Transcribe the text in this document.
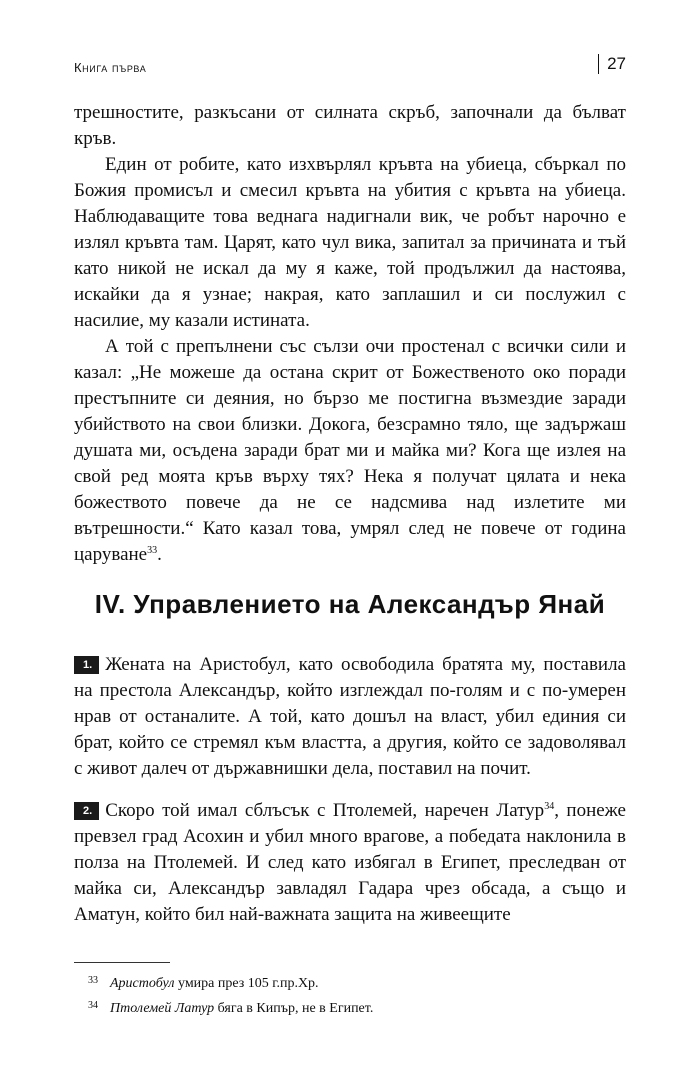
Книга първа	27

трешностите, разкъсани от силната скръб, започнали да бълват кръв.

Един от робите, като изхвърлял кръвта на убиеца, сбъркал по Божия промисъл и смесил кръвта на убития с кръвта на убиеца. Наблюдаващите това веднага надигнали вик, че робът нарочно е излял кръвта там. Царят, като чул вика, запитал за причината и тъй като никой не искал да му я каже, той продължил да настоява, искайки да я узнае; накрая, като заплашил и си послужил с насилие, му казали истината.

А той с препълнени със сълзи очи простенал с всички сили и казал: „Не можеше да остана скрит от Божественото око поради престъпните си деяния, но бързо ме постигна възмездие заради убийството на свои близки. Докога, безсрамно тяло, ще задържаш душата ми, осъдена заради брат ми и майка ми? Кога ще излея на свой ред моята кръв върху тях? Нека я получат цялата и нека божеството повече да не се надсмива над излетите ми вътрешности.“ Като казал това, умрял след не повече от година царуване$^{33}$.

IV. Управлението на Александър Янай
1. Жената на Аристобул, като освободила братята му, поставила на престола Александър, който изглеждал по-голям и с по-умерен нрав от останалите. А той, като дошъл на власт, убил единия си брат, който се стремял към властта, а другия, който се задоволявал с живот далеч от държавнишки дела, поставил на почит.
2. Скоро той имал сблъсък с Птолемей, наречен Латур$^{34}$, понеже превзел град Асохин и убил много врагове, а победата наклонила в полза на Птолемей. И след като избягал в Египет, преследван от майка си, Александър завладял Гадара чрез обсада, а също и Аматун, който бил най-важната защита на живеещите
33 Аристобул умира през 105 г.пр.Хр.
34 Птолемей Латур бяга в Кипър, не в Египет.
